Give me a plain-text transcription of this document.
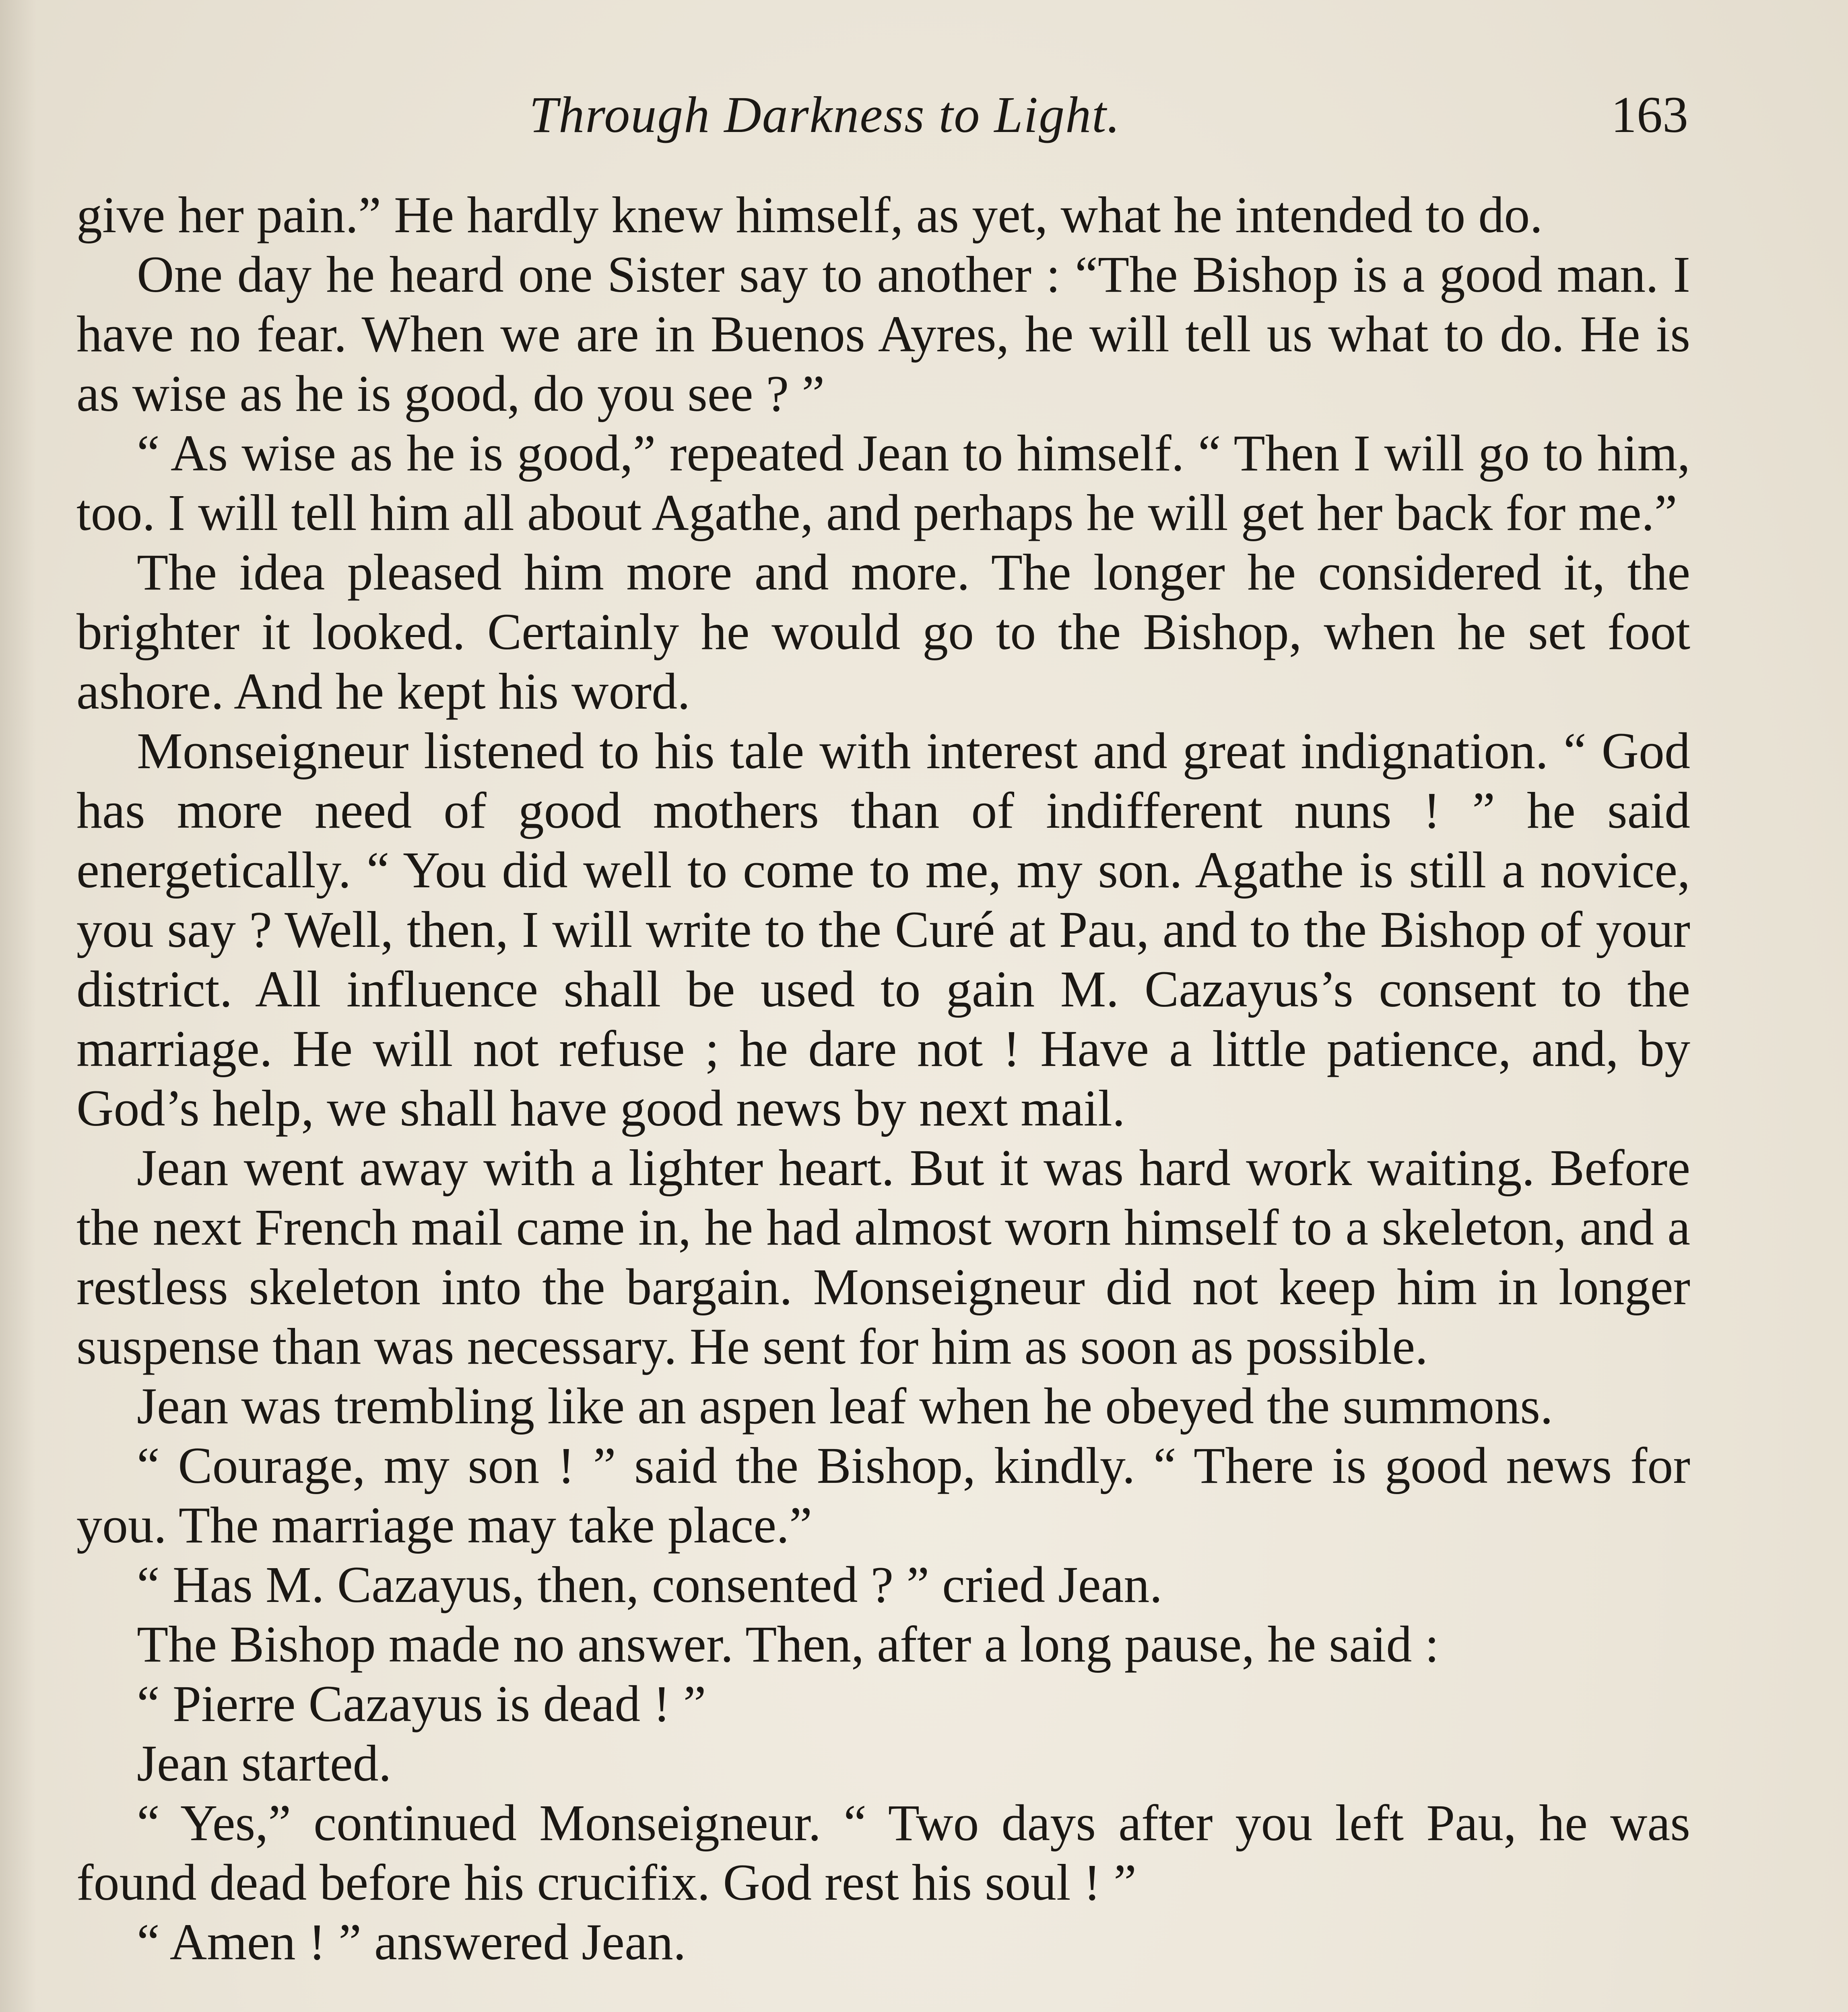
Through Darkness to Light.	163

give her pain.” He hardly knew himself, as yet, what he intended to do.

One day he heard one Sister say to another : “The Bishop is a good man. I have no fear. When we are in Buenos Ayres, he will tell us what to do. He is as wise as he is good, do you see ? ”

“ As wise as he is good,” repeated Jean to himself. “ Then I will go to him, too. I will tell him all about Agathe, and perhaps he will get her back for me.”

The idea pleased him more and more. The longer he considered it, the brighter it looked. Certainly he would go to the Bishop, when he set foot ashore. And he kept his word.

Monseigneur listened to his tale with interest and great indignation. “ God has more need of good mothers than of indifferent nuns ! ” he said energetically. “ You did well to come to me, my son. Agathe is still a novice, you say ? Well, then, I will write to the Curé at Pau, and to the Bishop of your district. All influence shall be used to gain M. Cazayus’s consent to the marriage. He will not refuse ; he dare not ! Have a little patience, and, by God’s help, we shall have good news by next mail.

Jean went away with a lighter heart. But it was hard work waiting. Before the next French mail came in, he had almost worn himself to a skeleton, and a restless skeleton into the bargain. Monseigneur did not keep him in longer suspense than was necessary. He sent for him as soon as possible.

Jean was trembling like an aspen leaf when he obeyed the summons.

“ Courage, my son ! ” said the Bishop, kindly. “ There is good news for you. The marriage may take place.”

“ Has M. Cazayus, then, consented ? ” cried Jean.

The Bishop made no answer. Then, after a long pause, he said :

“ Pierre Cazayus is dead ! ”

Jean started.

“ Yes,” continued Monseigneur. “ Two days after you left Pau, he was found dead before his crucifix. God rest his soul ! ”

“ Amen ! ” answered Jean.
